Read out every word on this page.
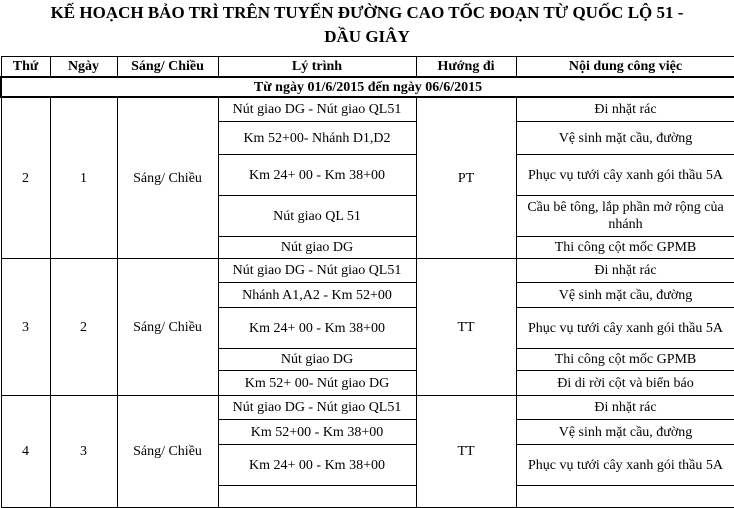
KẾ HOẠCH BẢO TRÌ TRÊN TUYẾN ĐƯỜNG CAO TỐC ĐOẠN TỪ QUỐC LỘ 51 -
DẦU GIÂY
Từ ngày 01/6/2015 đến ngày 06/6/2015					
Thứ	Ngày	Sáng/ Chiều	Lý trình	Hướng đi	Nội dung công việc
2	1	Sáng/ Chiều	Nút giao DG - Nút giao QL51	PT	Đi nhặt rác
			Km 52+00- Nhánh D1,D2		Vệ sinh mặt cầu, đường
			Km 24+ 00 - Km 38+00		Phục vụ tưới cây xanh gói thầu 5A
			Nút giao QL 51		Cầu bê tông, lắp phần mở rộng của nhánh
			Nút giao DG		Thi công cột mốc GPMB
3	2	Sáng/ Chiều	Nút giao DG - Nút giao QL51	TT	Đi nhặt rác
			Nhánh A1,A2 - Km 52+00		Vệ sinh mặt cầu, đường
			Km 24+ 00 - Km 38+00		Phục vụ tưới cây xanh gói thầu 5A
			Nút giao DG		Thi công cột mốc GPMB
			Km 52+ 00- Nút giao DG		Đi di rời cột và biển báo
4	3	Sáng/ Chiều	Nút giao DG - Nút giao QL51	TT	Đi nhặt rác
			Km 52+00 - Km 38+00		Vệ sinh mặt cầu, đường
			Km 24+ 00 - Km 38+00		Phục vụ tưới cây xanh gói thầu 5A
